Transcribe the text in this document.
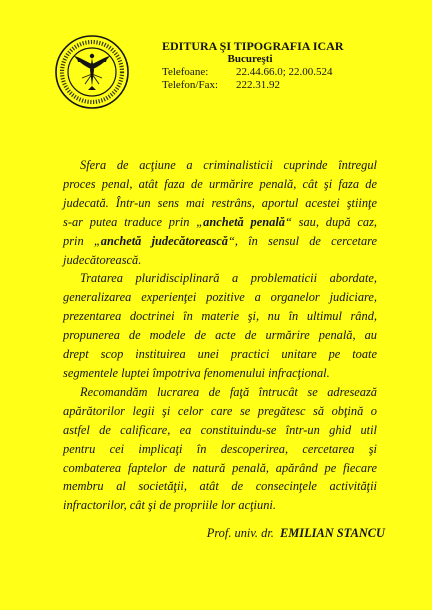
EDITURA ŞI TIPOGRAFIA ICAR
Bucureşti
Telefoane:	22.44.66.0; 22.00.524
Telefon/Fax: 222.31.92

Sfera de acţiune a criminalisticii cuprinde întregul
proces penal, atât faza de urmărire penală, cât şi faza de
judecată. Într-un sens mai restrâns, aportul acestei ştiinţe
s-ar putea traduce prin „anchetă penală“ sau, după caz,
prin „anchetă judecătorească“, în sensul de cercetare
judecătorească.

Tratarea pluridisciplinară a problematicii abordate,
generalizarea experienţei pozitive a organelor judiciare,
prezentarea doctrinei în materie şi, nu în ultimul rând,
propunerea de modele de acte de urmărire penală, au
drept scop instituirea unei practici unitare pe toate
segmentele luptei împotriva fenomenului infracţional.

Recomandăm lucrarea de faţă întrucât se adresează
apărătorilor legii şi celor care se pregătesc să obţină o
astfel de calificare, ea constituindu-se într-un ghid util
pentru cei implicaţi în descoperirea, cercetarea şi
combaterea faptelor de natură penală, apărând pe fiecare
membru al societăţii, atât de consecinţele activităţii
infractorilor, cât şi de propriile lor acţiuni.

Prof. univ. dr. EMILIAN STANCU
